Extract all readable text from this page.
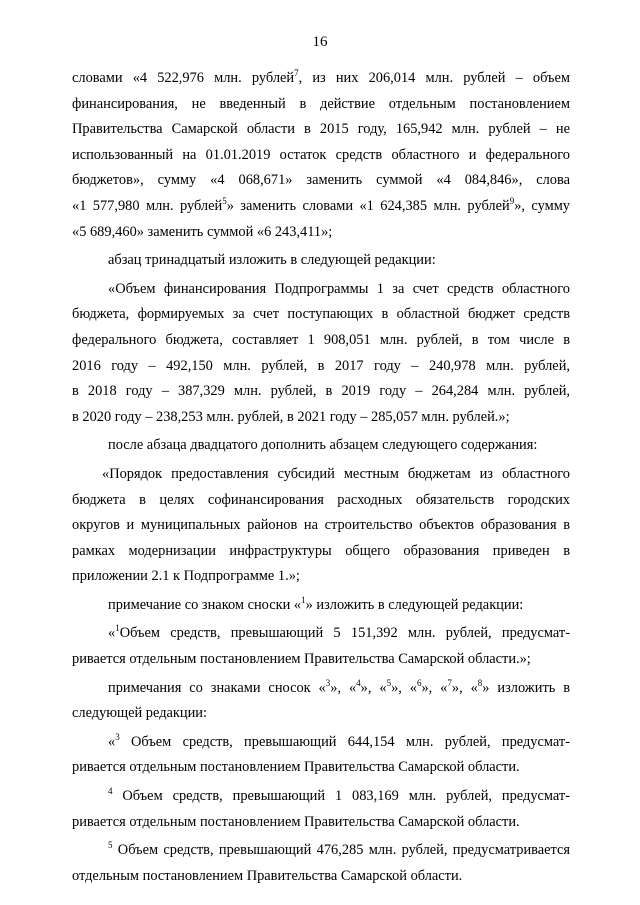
16
словами «4 522,976 млн. рублей$^7$, из них 206,014 млн. рублей – объем
финансирования, не введенный в действие отдельным постановлением
Правительства Самарской области в 2015 году, 165,942 млн. рублей – не
использованный на 01.01.2019 остаток средств областного и федерального
бюджетов», сумму «4 068,671» заменить суммой «4 084,846», слова
«1 577,980 млн. рублей$^5$» заменить словами «1 624,385 млн. рублей$^9$», сумму
«5 689,460» заменить суммой «6 243,411»;
абзац тринадцатый изложить в следующей редакции:
«Объем финансирования Подпрограммы 1 за счет средств областного
бюджета, формируемых за счет поступающих в областной бюджет средств
федерального бюджета, составляет 1 908,051 млн. рублей, в том числе в
2016 году – 492,150 млн. рублей, в 2017 году – 240,978 млн. рублей,
в 2018 году – 387,329 млн. рублей, в 2019 году – 264,284 млн. рублей,
в 2020 году – 238,253 млн. рублей, в 2021 году – 285,057 млн. рублей.»;
после абзаца двадцатого дополнить абзацем следующего содержания:
«Порядок предоставления субсидий местным бюджетам из областного
бюджета в целях софинансирования расходных обязательств городских
округов и муниципальных районов на строительство объектов образования в
рамках модернизации инфраструктуры общего образования приведен в
приложении 2.1 к Подпрограмме 1.»;
примечание со знаком сноски «$^1$» изложить в следующей редакции:
«$^1$Объем средств, превышающий 5 151,392 млн. рублей, предусмат-
ривается отдельным постановлением Правительства Самарской области.»;
примечания со знаками сносок «$^3$», «$^4$», «$^5$», «$^6$», «$^7$», «$^8$» изложить в
следующей редакции:
«$^3$ Объем средств, превышающий 644,154 млн. рублей, предусмат-
ривается отдельным постановлением Правительства Самарской области.
$^4$ Объем средств, превышающий 1 083,169 млн. рублей, предусмат-
ривается отдельным постановлением Правительства Самарской области.
$^5$ Объем средств, превышающий 476,285 млн. рублей, предусматривается
отдельным постановлением Правительства Самарской области.
